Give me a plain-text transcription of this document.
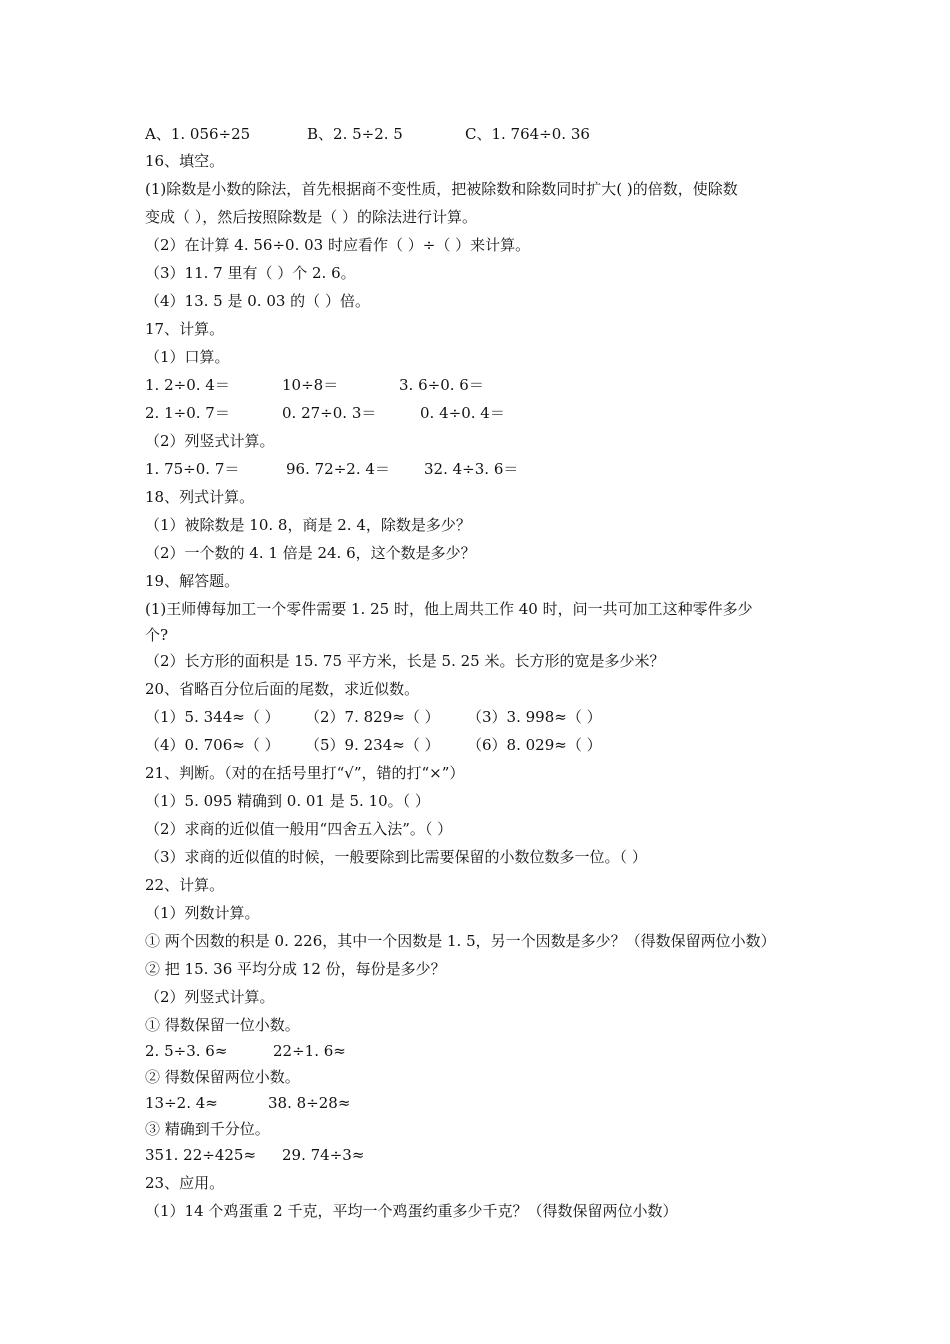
A、1. 056÷25	B、2. 5÷2. 5	C、1. 764÷0. 36
16、填空。
(1)除数是小数的除法，首先根据商不变性质，把被除数和除数同时扩大( )的倍数，使除数
变成（ ），然后按照除数是（ ）的除法进行计算。
（2）在计算 4. 56÷0. 03 时应看作（ ）÷（ ）来计算。
（3）11. 7 里有（ ）个 2. 6。
（4）13. 5 是 0. 03 的（ ）倍。
17、计算。
（1）口算。
1. 2÷0. 4＝	10÷8＝	3. 6÷0. 6＝
2. 1÷0. 7＝	0. 27÷0. 3＝	0. 4÷0. 4＝
（2）列竖式计算。
1. 75÷0. 7＝	96. 72÷2. 4＝ 32. 4÷3. 6＝
18、列式计算。
（1）被除数是 10. 8，商是 2. 4，除数是多少？
（2）一个数的 4. 1 倍是 24. 6，这个数是多少？
19、解答题。
(1)王师傅每加工一个零件需要 1. 25 时，他上周共工作 40 时，问一共可加工这种零件多少
个?
（2）长方形的面积是 15. 75 平方米，长是 5. 25 米。长方形的宽是多少米？
20、省略百分位后面的尾数，求近似数。
（1）5. 344≈（ ） （2）7. 829≈（ ） （3）3. 998≈（ ）
（4）0. 706≈（ ） （5）9. 234≈（ ） （6）8. 029≈（ ）
21、判断。（对的在括号里打“√”，错的打“×”）
（1）5. 095 精确到 0. 01 是 5. 10。（ ）
（2）求商的近似值一般用“四舍五入法”。（ ）
（3）求商的近似值的时候，一般要除到比需要保留的小数位数多一位。（ ）
22、计算。
（1）列数计算。
① 两个因数的积是 0. 226，其中一个因数是 1. 5，另一个因数是多少？（得数保留两位小数）
② 把 15. 36 平均分成 12 份，每份是多少？
（2）列竖式计算。
① 得数保留一位小数。
2. 5÷3. 6≈	22÷1. 6≈
② 得数保留两位小数。
13÷2. 4≈	38. 8÷28≈
③ 精确到千分位。
351. 22÷425≈ 29. 74÷3≈
23、应用。
（1）14 个鸡蛋重 2 千克，平均一个鸡蛋约重多少千克？（得数保留两位小数）
